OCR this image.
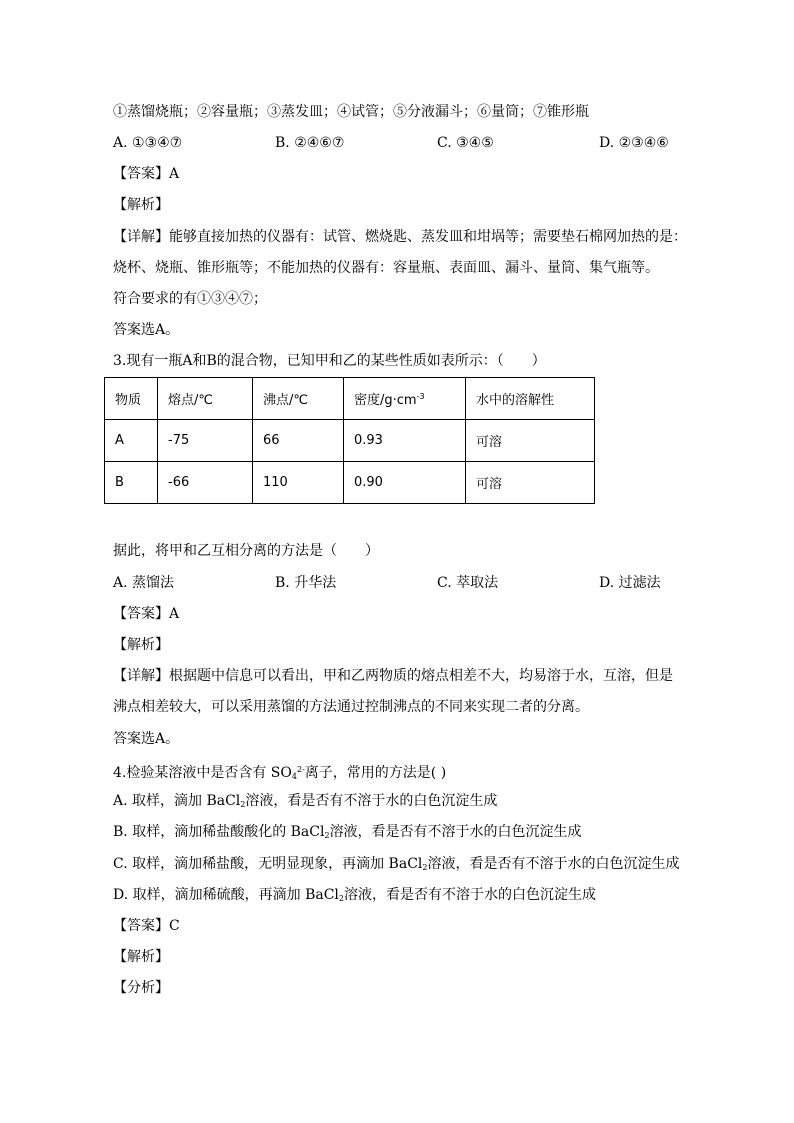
①蒸馏烧瓶；②容量瓶；③蒸发皿；④试管；⑤分液漏斗；⑥量筒；⑦锥形瓶
A. ①③④⑦	B. ②④⑥⑦	C. ③④⑤	D. ②③④⑥
【答案】A
【解析】
【详解】能够直接加热的仪器有：试管、燃烧匙、蒸发皿和坩埚等；需要垫石棉网加热的是：
烧杯、烧瓶、锥形瓶等；不能加热的仪器有：容量瓶、表面皿、漏斗、量筒、集气瓶等。
符合要求的有①③④⑦；
答案选A。
3.现有一瓶A和B的混合物，已知甲和乙的某些性质如表所示：（　　）
物质	熔点/℃	沸点/℃	密度$/g\cdot cm^{-3}$	水中的溶解性
A	-75	66	0.93	可溶
B	-66	110	0.90	可溶
据此，将甲和乙互相分离的方法是（　　）
A. 蒸馏法	B. 升华法	C. 萃取法	D. 过滤法
【答案】A
【解析】
【详解】根据题中信息可以看出，甲和乙两物质的熔点相差不大，均易溶于水，互溶，但是
沸点相差较大，可以采用蒸馏的方法通过控制沸点的不同来实现二者的分离。
答案选A。
4.检验某溶液中是否含有 $SO_4^{2-}$离子，常用的方法是( )
A. 取样，滴加 BaCl$_2$溶液，看是否有不溶于水的白色沉淀生成
B. 取样，滴加稀盐酸酸化的 BaCl$_2$溶液，看是否有不溶于水的白色沉淀生成
C. 取样，滴加稀盐酸，无明显现象，再滴加 BaCl$_2$溶液，看是否有不溶于水的白色沉淀生成
D. 取样，滴加稀硫酸，再滴加 BaCl$_2$溶液，看是否有不溶于水的白色沉淀生成
【答案】C
【解析】
【分析】
